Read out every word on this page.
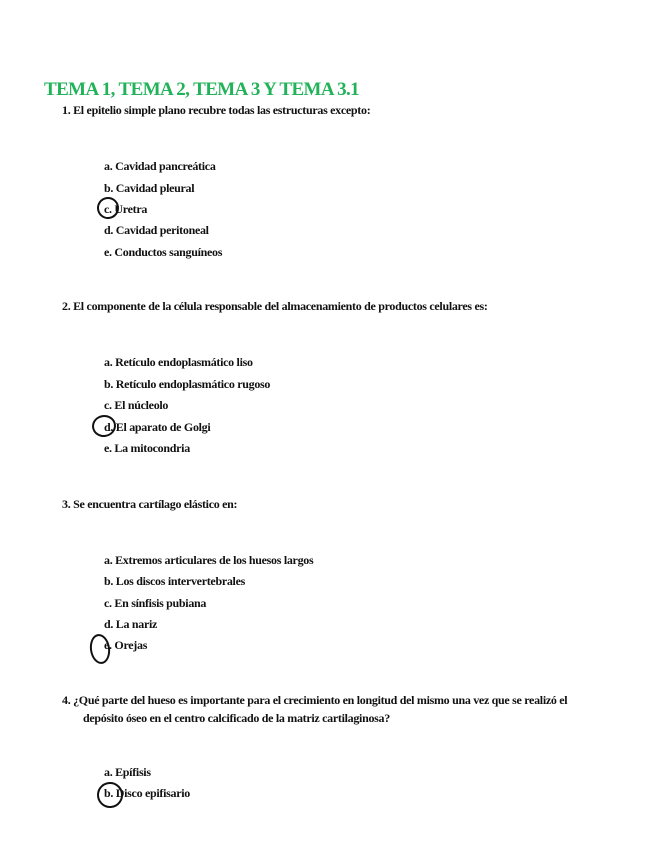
TEMA 1, TEMA 2, TEMA 3 Y TEMA 3.1
1. El epitelio simple plano recubre todas las estructuras excepto:
a. Cavidad pancreática
b. Cavidad pleural
c. Uretra
d. Cavidad peritoneal
e. Conductos sanguíneos
2. El componente de la célula responsable del almacenamiento de productos celulares es:
a. Retículo endoplasmático liso
b. Retículo endoplasmático rugoso
c. El núcleolo
d. El aparato de Golgi
e. La mitocondria
3. Se encuentra cartílago elástico en:
a. Extremos articulares de los huesos largos
b. Los discos intervertebrales
c. En sínfisis pubiana
d. La nariz
e. Orejas
4. ¿Qué parte del hueso es importante para el crecimiento en longitud del mismo una vez que se realizó el
depósito óseo en el centro calcificado de la matriz cartilaginosa?
a. Epífisis
b. Disco epifisario
